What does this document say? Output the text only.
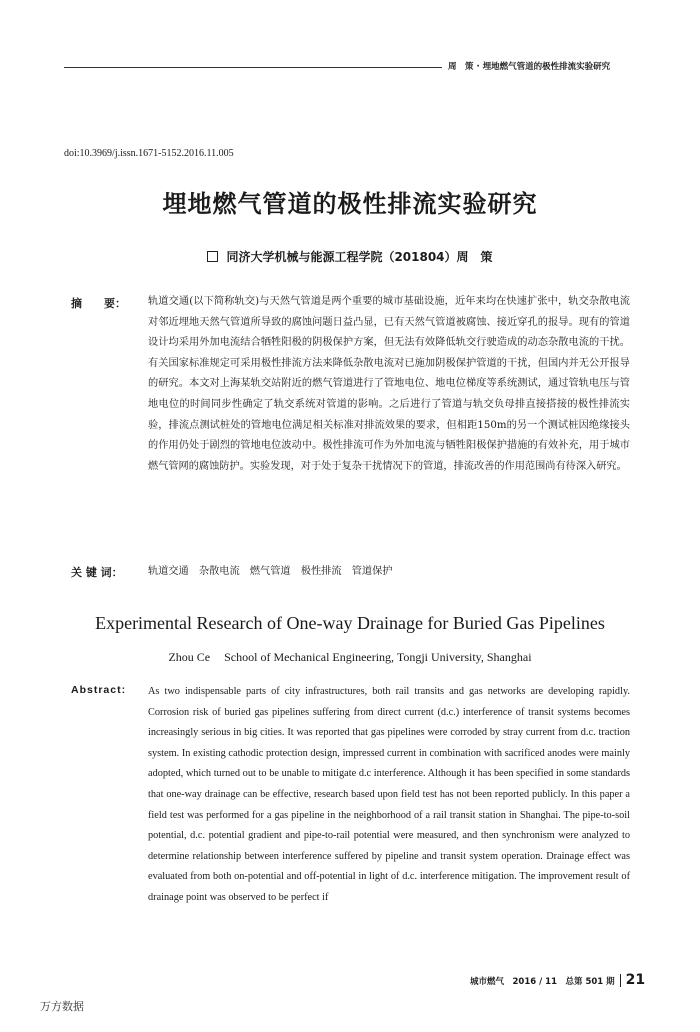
周　策 · 埋地燃气管道的极性排流实验研究
doi:10.3969/j.issn.1671-5152.2016.11.005
埋地燃气管道的极性排流实验研究
同济大学机械与能源工程学院（201804）周　策
摘　　要： 轨道交通(以下简称轨交)与天然气管道是两个重要的城市基础设施，近年来均在快速扩张中，轨交杂散电流对邻近埋地天然气管道所导致的腐蚀问题日益凸显，已有天然气管道被腐蚀、接近穿孔的报导。现有的管道设计均采用外加电流结合牺牲阳极的阴极保护方案，但无法有效降低轨交行驶造成的动态杂散电流的干扰。有关国家标准规定可采用极性排流方法来降低杂散电流对已施加阴极保护管道的干扰，但国内并无公开报导的研究。本文对上海某轨交站附近的燃气管道进行了管地电位、地电位梯度等系统测试，通过管轨电压与管地电位的时间同步性确定了轨交系统对管道的影响。之后进行了管道与轨交负母排直接搭接的极性排流实验，排流点测试桩处的管地电位满足相关标准对排流效果的要求，但相距150m的另一个测试桩因绝缘接头的作用仍处于剧烈的管地电位波动中。极性排流可作为外加电流与牺牲阳极保护措施的有效补充，用于城市燃气管网的腐蚀防护。实验发现，对于处于复杂干扰情况下的管道，排流改善的作用范围尚有待深入研究。
关 键 词： 轨道交通　杂散电流　燃气管道　极性排流　管道保护
Experimental Research of One-way Drainage for Buried Gas Pipelines
Zhou Ce School of Mechanical Engineering, Tongji University, Shanghai
Abstract: As two indispensable parts of city infrastructures, both rail transits and gas networks are developing rapidly. Corrosion risk of buried gas pipelines suffering from direct current (d.c.) interference of transit systems becomes increasingly serious in big cities. It was reported that gas pipelines were corroded by stray current from d.c. traction system. In existing cathodic protection design, impressed current in combination with sacrificed anodes were mainly adopted, which turned out to be unable to mitigate d.c interference. Although it has been specified in some standards that one-way drainage can be effective, research based upon field test has not been reported publicly. In this paper a field test was performed for a gas pipeline in the neighborhood of a rail transit station in Shanghai. The pipe-to-soil potential, d.c. potential gradient and pipe-to-rail potential were measured, and then synchronism were analyzed to determine relationship between interference suffered by pipeline and transit system operation. Drainage effect was evaluated from both on-potential and off-potential in light of d.c. interference mitigation. The improvement result of drainage point was observed to be perfect if
城市燃气　2016 / 11　总第 501 期 21
万方数据
